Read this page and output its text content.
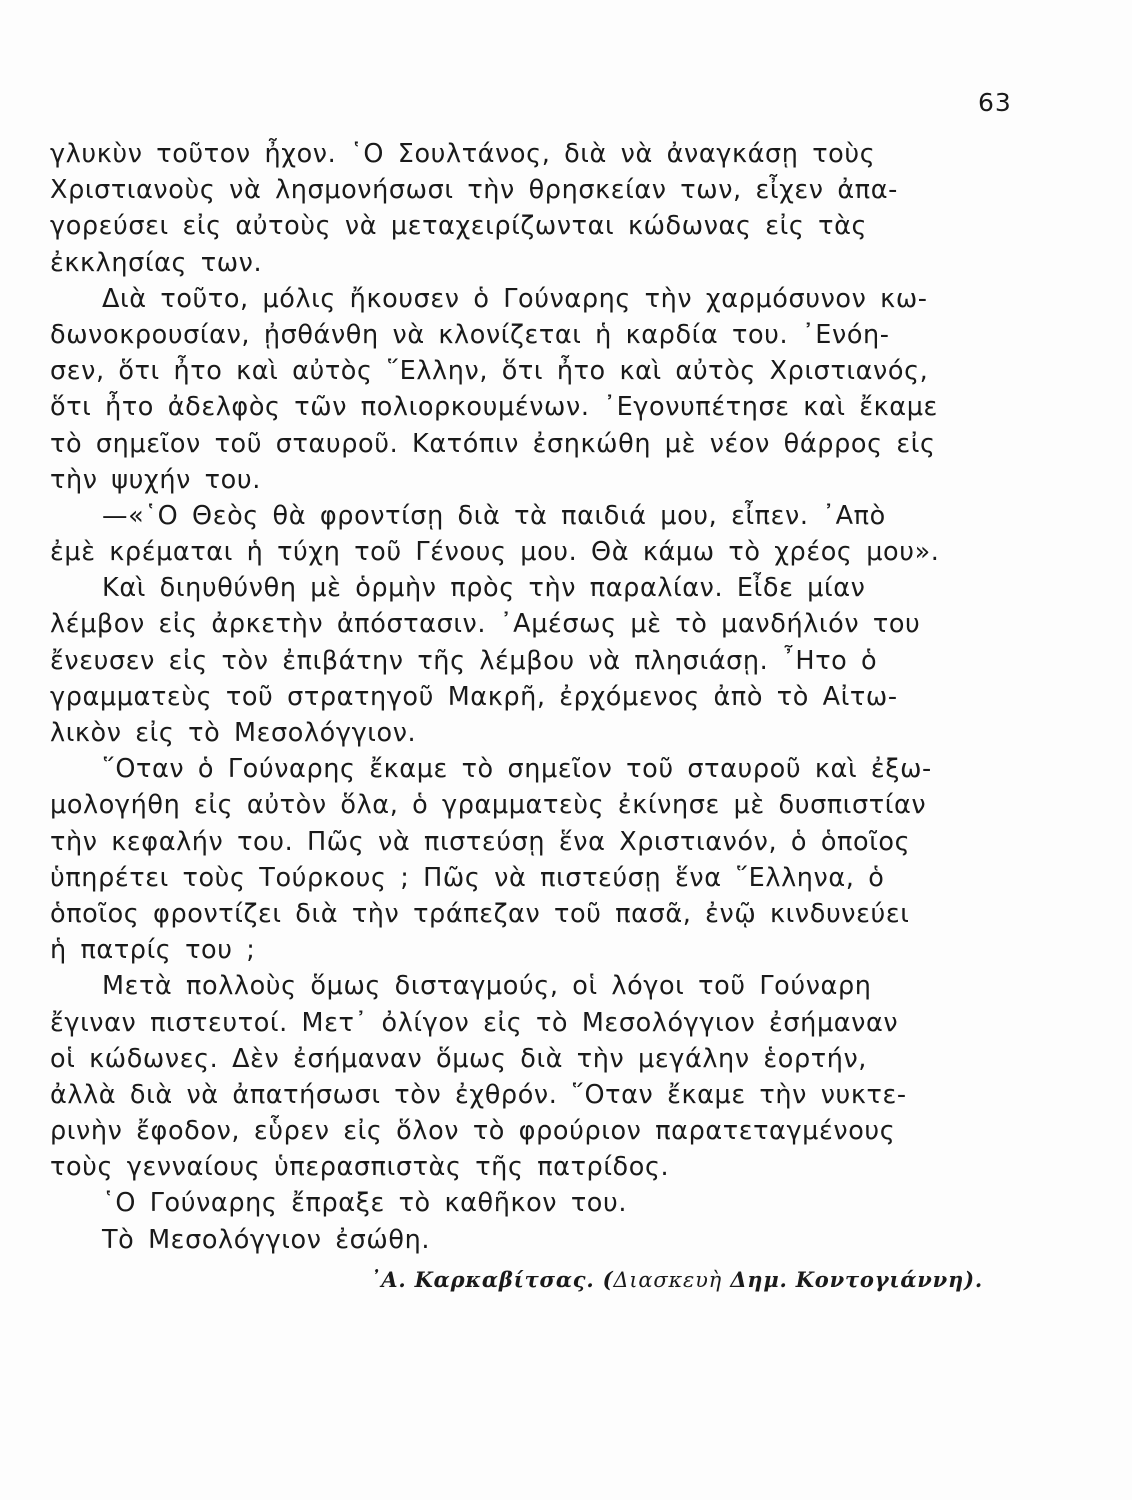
63
γλυκὺν τοῦτον ἦχον. ῾Ο Σουλτάνος, διὰ νὰ ἀναγκάσῃ τοὺς
Χριστιανοὺς νὰ λησμονήσωσι τὴν θρησκείαν των, εἶχεν ἀπα-
γορεύσει εἰς αὐτοὺς νὰ μεταχειρίζωνται κώδωνας εἰς τὰς
ἐκκλησίας των.
Διὰ τοῦτο, μόλις ἤκουσεν ὁ Γούναρης τὴν χαρμόσυνον κω-
δωνοκρουσίαν, ᾐσθάνθη νὰ κλονίζεται ἡ καρδία του. ᾿Ενόη-
σεν, ὅτι ἦτο καὶ αὐτὸς ῞Ελλην, ὅτι ἦτο καὶ αὐτὸς Χριστιανός,
ὅτι ἦτο ἀδελφὸς τῶν πολιορκουμένων. ᾿Εγονυπέτησε καὶ ἔκαμε
τὸ σημεῖον τοῦ σταυροῦ. Κατόπιν ἐσηκώθη μὲ νέον θάρρος εἰς
τὴν ψυχήν του.
—«῾Ο Θεὸς θὰ φροντίσῃ διὰ τὰ παιδιά μου, εἶπεν. ᾿Απὸ
ἐμὲ κρέμαται ἡ τύχη τοῦ Γένους μου. Θὰ κάμω τὸ χρέος μου».
Καὶ διηυθύνθη μὲ ὁρμὴν πρὸς τὴν παραλίαν. Εἶδε μίαν
λέμβον εἰς ἀρκετὴν ἀπόστασιν. ᾿Αμέσως μὲ τὸ μανδήλιόν του
ἔνευσεν εἰς τὸν ἐπιβάτην τῆς λέμβου νὰ πλησιάσῃ. ῏Ητο ὁ
γραμματεὺς τοῦ στρατηγοῦ Μακρῆ, ἐρχόμενος ἀπὸ τὸ Αἰτω-
λικὸν εἰς τὸ Μεσολόγγιον.
῞Οταν ὁ Γούναρης ἔκαμε τὸ σημεῖον τοῦ σταυροῦ καὶ ἐξω-
μολογήθη εἰς αὐτὸν ὅλα, ὁ γραμματεὺς ἐκίνησε μὲ δυσπιστίαν
τὴν κεφαλήν του. Πῶς νὰ πιστεύσῃ ἕνα Χριστιανόν, ὁ ὁποῖος
ὑπηρέτει τοὺς Τούρκους ; Πῶς νὰ πιστεύσῃ ἕνα ῞Ελληνα, ὁ
ὁποῖος φροντίζει διὰ τὴν τράπεζαν τοῦ πασᾶ, ἐνῷ κινδυνεύει
ἡ πατρίς του ;
Μετὰ πολλοὺς ὅμως δισταγμούς, οἱ λόγοι τοῦ Γούναρη
ἔγιναν πιστευτοί. Μετ᾿ ὀλίγον εἰς τὸ Μεσολόγγιον ἐσήμαναν
οἱ κώδωνες. Δὲν ἐσήμαναν ὅμως διὰ τὴν μεγάλην ἑορτήν,
ἀλλὰ διὰ νὰ ἀπατήσωσι τὸν ἐχθρόν. ῞Οταν ἔκαμε τὴν νυκτε-
ρινὴν ἔφοδον, εὗρεν εἰς ὅλον τὸ φρούριον παρατεταγμένους
τοὺς γενναίους ὑπερασπιστὰς τῆς πατρίδος.
῾Ο Γούναρης ἔπραξε τὸ καθῆκον του.
Τὸ Μεσολόγγιον ἐσώθη.
᾿Α. Καρκαβίτσας. (Διασκευὴ Δημ. Κοντογιάννη).
